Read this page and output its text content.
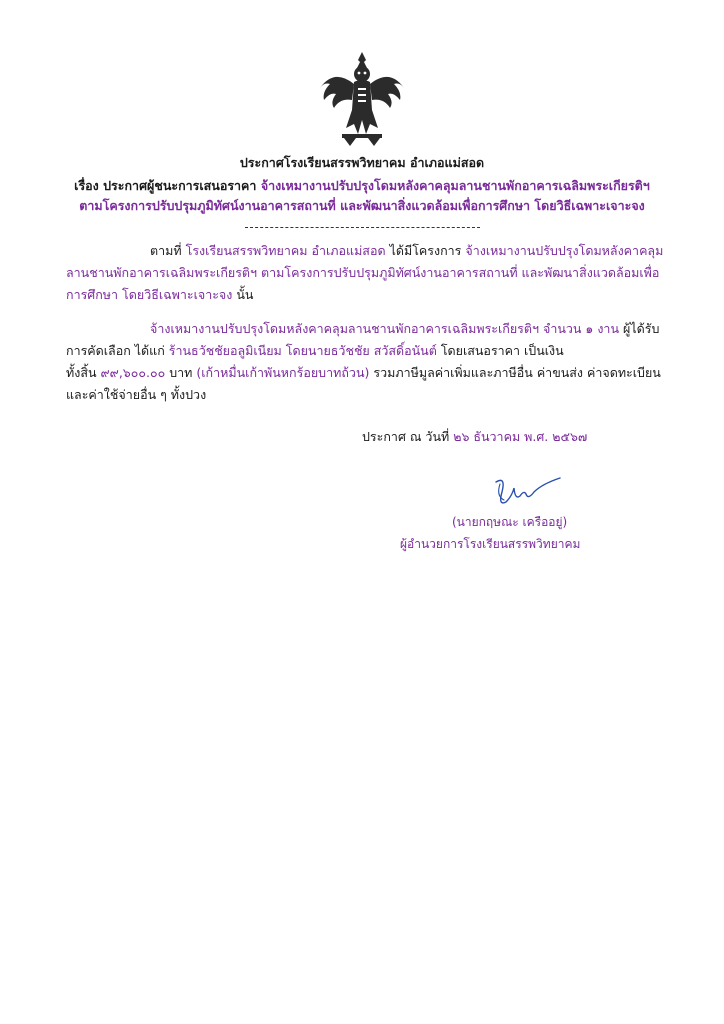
ประกาศโรงเรียนสรรพวิทยาคม อำเภอแม่สอด
เรื่อง ประกาศผู้ชนะการเสนอราคา จ้างเหมางานปรับปรุงโดมหลังคาคลุมลานชานพักอาคารเฉลิมพระเกียรติฯ
ตามโครงการปรับปรุมภูมิทัศน์งานอาคารสถานที่ และพัฒนาสิ่งแวดล้อมเพื่อการศึกษา โดยวิธีเฉพาะเจาะจง
ตามที่ โรงเรียนสรรพวิทยาคม อำเภอแม่สอด ได้มีโครงการ จ้างเหมางานปรับปรุงโดมหลังคาคลุม
ลานชานพักอาคารเฉลิมพระเกียรติฯ ตามโครงการปรับปรุมภูมิทัศน์งานอาคารสถานที่ และพัฒนาสิ่งแวดล้อมเพื่อ
การศึกษา โดยวิธีเฉพาะเจาะจง นั้น
จ้างเหมางานปรับปรุงโดมหลังคาคลุมลานชานพักอาคารเฉลิมพระเกียรติฯ จำนวน ๑ งาน ผู้ได้รับ
การคัดเลือก ได้แก่ ร้านธวัชชัยอลูมิเนียม โดยนายธวัชชัย สวัสดิ์อนันต์ โดยเสนอราคา เป็นเงิน
ทั้งสิ้น ๙๙,๖๐๐.๐๐ บาท (เก้าหมื่นเก้าพันหกร้อยบาทถ้วน) รวมภาษีมูลค่าเพิ่มและภาษีอื่น ค่าขนส่ง ค่าจดทะเบียน
และค่าใช้จ่ายอื่น ๆ ทั้งปวง
ประกาศ ณ วันที่ ๒๖ ธันวาคม พ.ศ. ๒๕๖๗
(นายกฤษณะ เครืออยู่)
ผู้อำนวยการโรงเรียนสรรพวิทยาคม
